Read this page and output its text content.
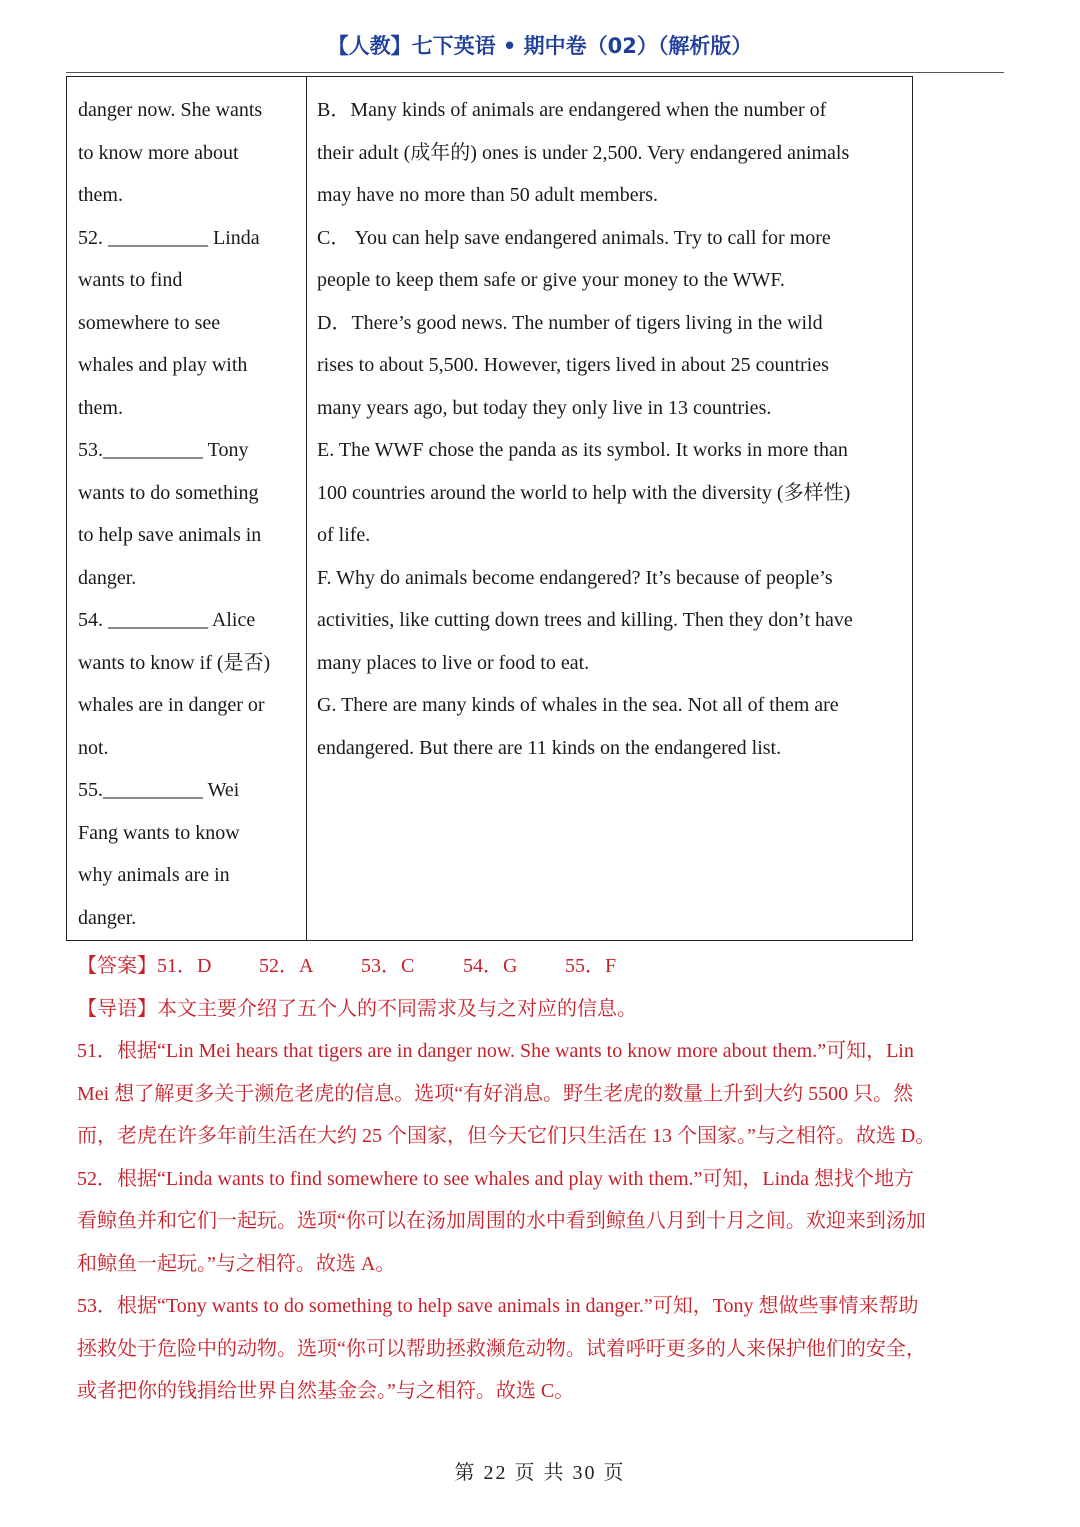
【人教】七下英语 • 期中卷（02）（解析版）
danger now. She wants
to know more about
them.
52. __________ Linda
wants to find
somewhere to see
whales and play with
them.
53.__________ Tony
wants to do something
to help save animals in
danger.
54. __________ Alice
wants to know if (是否)
whales are in danger or
not.
55.__________ Wei
Fang wants to know
why animals are in
danger.
B．Many kinds of animals are endangered when the number of
their adult (成年的) ones is under 2,500. Very endangered animals
may have no more than 50 adult members.
C． You can help save endangered animals. Try to call for more
people to keep them safe or give your money to the WWF.
D．There’s good news. The number of tigers living in the wild
rises to about 5,500. However, tigers lived in about 25 countries
many years ago, but today they only live in 13 countries.
E. The WWF chose the panda as its symbol. It works in more than
100 countries around the world to help with the diversity (多样性)
of life.
F. Why do animals become endangered? It’s because of people’s
activities, like cutting down trees and killing. Then they don’t have
many places to live or food to eat.
G. There are many kinds of whales in the sea. Not all of them are
endangered. But there are 11 kinds on the endangered list.
【答案】51．D 52．A 53．C 54．G 55．F
【导语】本文主要介绍了五个人的不同需求及与之对应的信息。
51．根据“Lin Mei hears that tigers are in danger now. She wants to know more about them.”可知，Lin
Mei 想了解更多关于濒危老虎的信息。选项“有好消息。野生老虎的数量上升到大约 5500 只。然
而，老虎在许多年前生活在大约 25 个国家，但今天它们只生活在 13 个国家。”与之相符。故选 D。
52．根据“Linda wants to find somewhere to see whales and play with them.”可知，Linda 想找个地方
看鲸鱼并和它们一起玩。选项“你可以在汤加周围的水中看到鲸鱼八月到十月之间。欢迎来到汤加
和鲸鱼一起玩。”与之相符。故选 A。
53．根据“Tony wants to do something to help save animals in danger.”可知，Tony 想做些事情来帮助
拯救处于危险中的动物。选项“你可以帮助拯救濒危动物。试着呼吁更多的人来保护他们的安全，
或者把你的钱捐给世界自然基金会。”与之相符。故选 C。
第 22 页 共 30 页
